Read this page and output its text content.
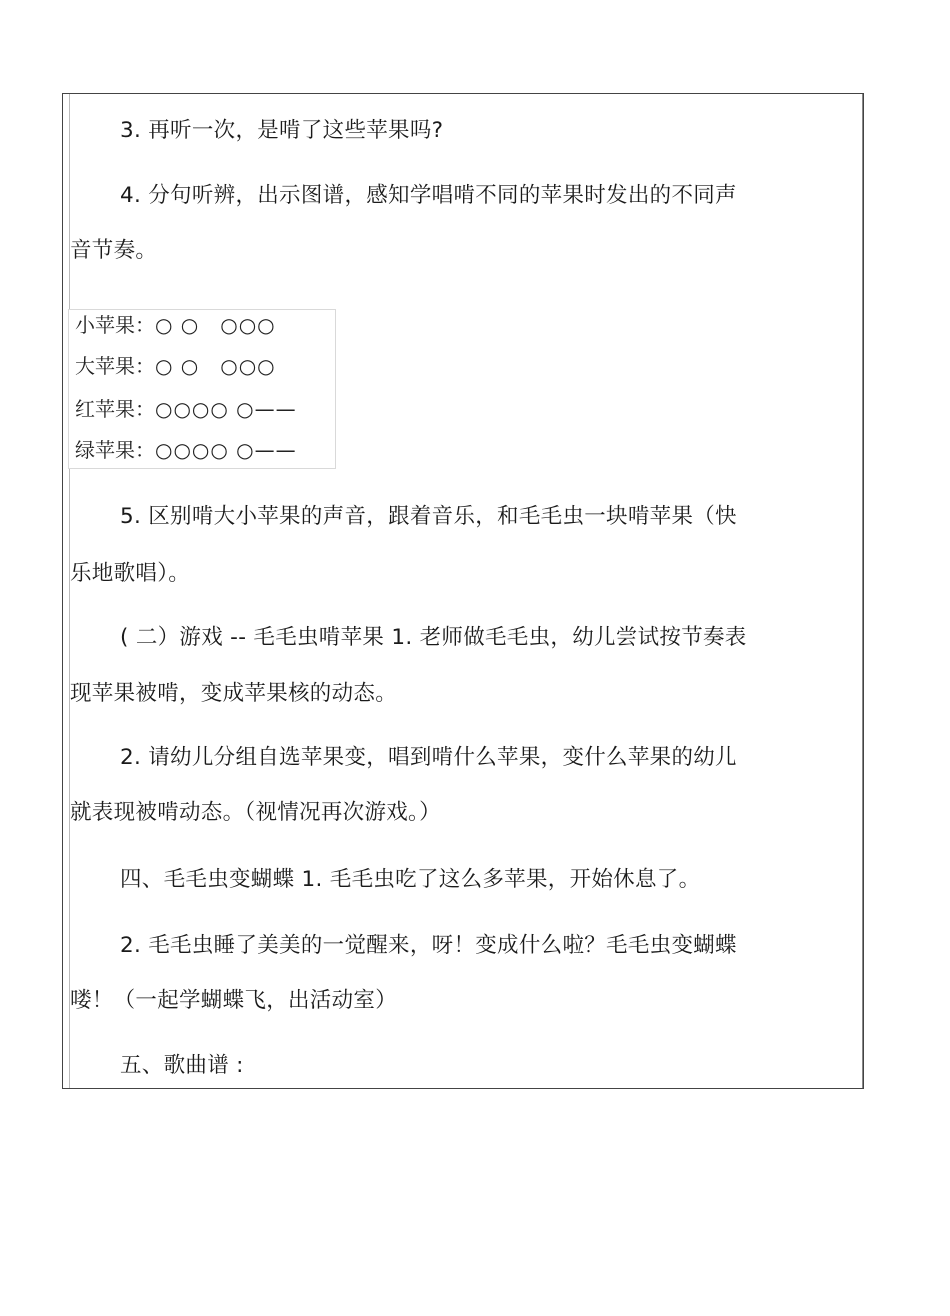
3. 再听一次，是啃了这些苹果吗?
4. 分句听辨，出示图谱，感知学唱啃不同的苹果时发出的不同声
音节奏。
小苹果：○ ○　○○○
大苹果：○ ○　○○○
红苹果：○○○○ ○——
绿苹果：○○○○ ○——
5. 区别啃大小苹果的声音，跟着音乐，和毛毛虫一块啃苹果（快
乐地歌唱）。
( 二）游戏 -- 毛毛虫啃苹果 1. 老师做毛毛虫，幼儿尝试按节奏表
现苹果被啃，变成苹果核的动态。
2. 请幼儿分组自选苹果变，唱到啃什么苹果，变什么苹果的幼儿
就表现被啃动态。（视情况再次游戏。）
四、毛毛虫变蝴蝶 1. 毛毛虫吃了这么多苹果，开始休息了。
2. 毛毛虫睡了美美的一觉醒来，呀！变成什么啦？毛毛虫变蝴蝶
喽！（一起学蝴蝶飞，出活动室）
五、歌曲谱 :
